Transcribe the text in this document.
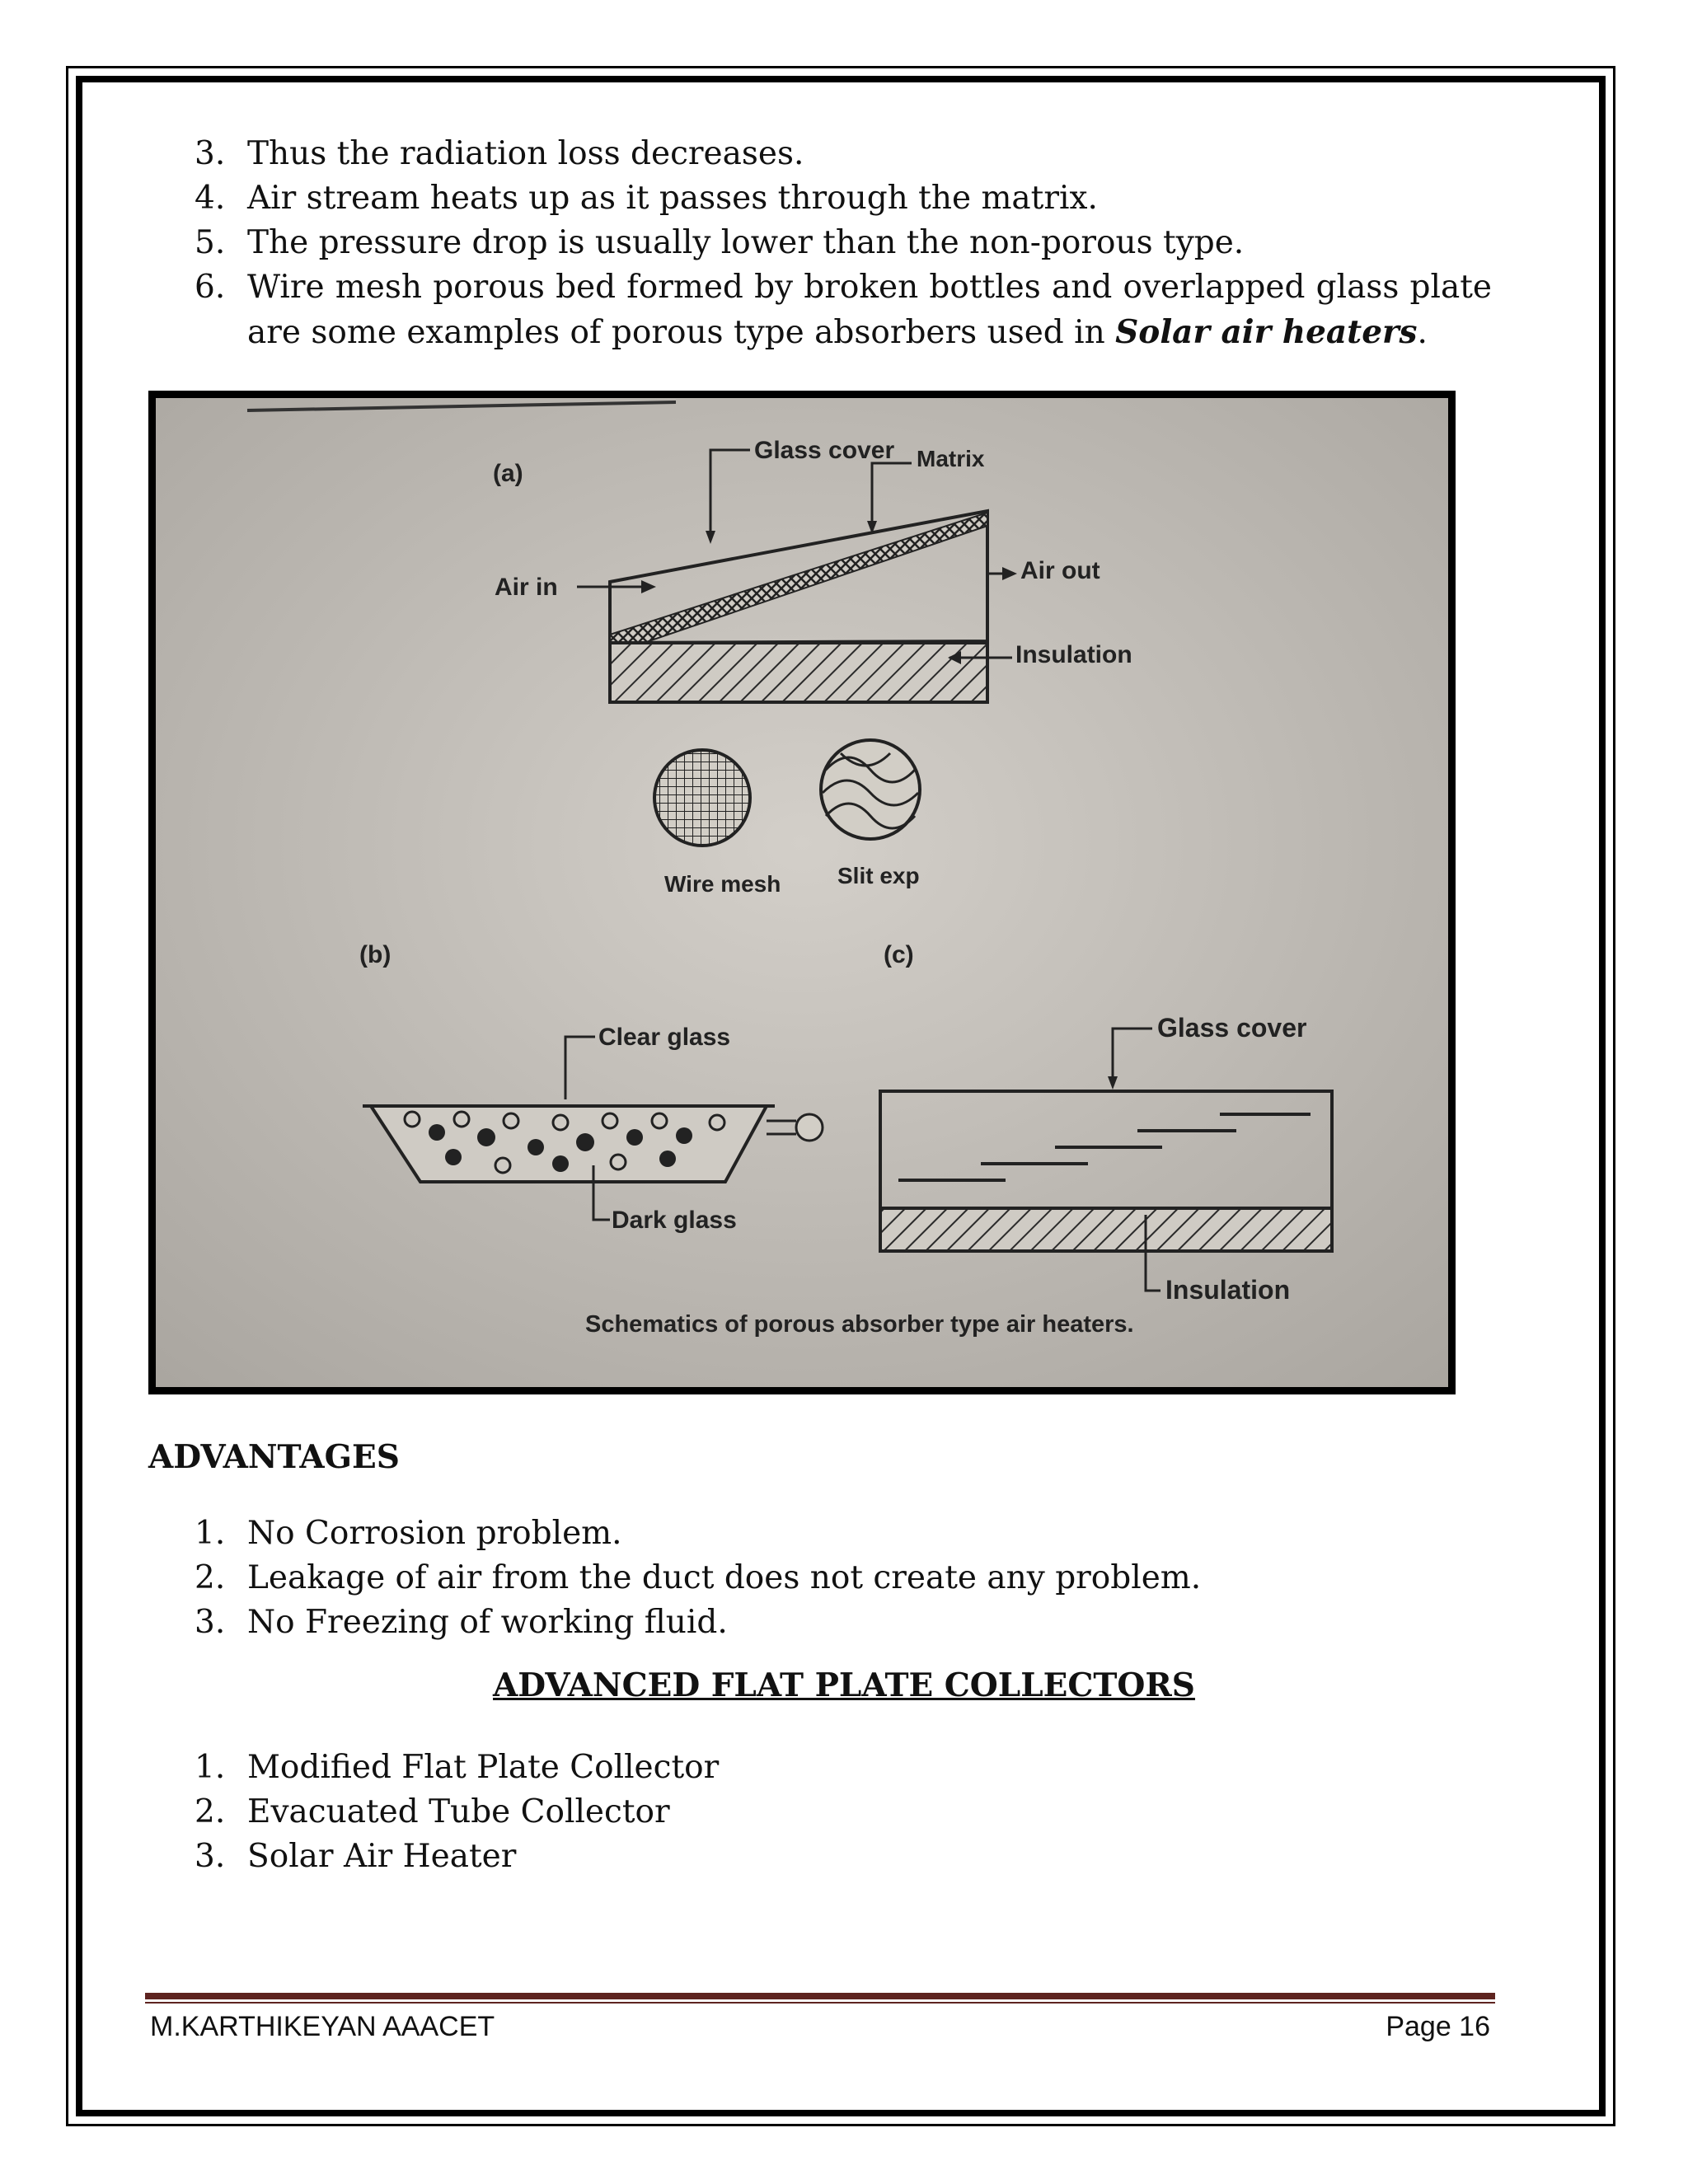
3. Thus the radiation loss decreases.
4. Air stream heats up as it passes through the matrix.
5. The pressure drop is usually lower than the non-porous type.
6. Wire mesh porous bed formed by broken bottles and overlapped glass plate are some examples of porous type absorbers used in Solar air heaters.
(a)
Glass cover Matrix
Air in
Air out
Insulation
Wire mesh Slit exp
(b)
Clear glass
Dark glass
(c)
Glass cover
Insulation
Schematics of porous absorber type air heaters.
ADVANTAGES
1. No Corrosion problem.
2. Leakage of air from the duct does not create any problem.
3. No Freezing of working fluid.
ADVANCED FLAT PLATE COLLECTORS
1. Modified Flat Plate Collector
2. Evacuated Tube Collector
3. Solar Air Heater
M.KARTHIKEYAN AAACET	Page 16
